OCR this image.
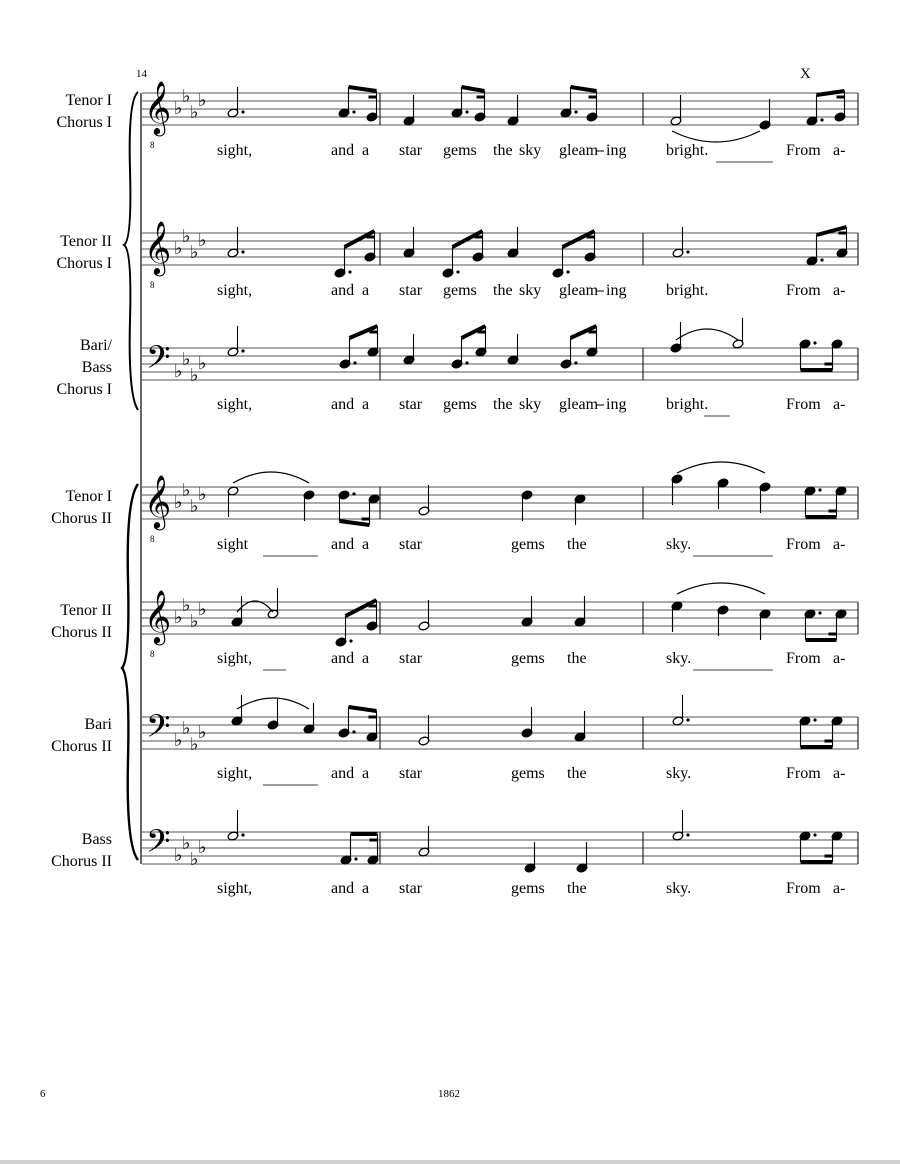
14	X
Tenor I
Chorus I
Tenor II
Chorus I
Bari/
Bass
Chorus I
Tenor I
Chorus II
Tenor II
Chorus II
Bari
Chorus II
Bass
Chorus II
sight,	and a star gems the sky gleam ing bright.	From a-
sight,	and a star gems the sky gleam ing bright.	From a-
sight,	and a star gems the sky gleam ing bright.	From a-
sight	and a star	gems the	sky.	From a-
sight,	and a star	gems the	sky.	From a-
sight,	and a star	gems the	sky.	From a-
sight,	and a star	gems the	sky.	From a-
𝄞
8
♭
♭
♭
♭
𝄞
8
♭
♭
♭
♭
𝄢 ♭
♭
♭
♭
𝄞
8
♭
♭
♭
♭
𝄞
8
♭
♭
♭
♭
𝄢 ♭
♭
♭
♭
𝄢 ♭
♭
♭
♭
6	1862
